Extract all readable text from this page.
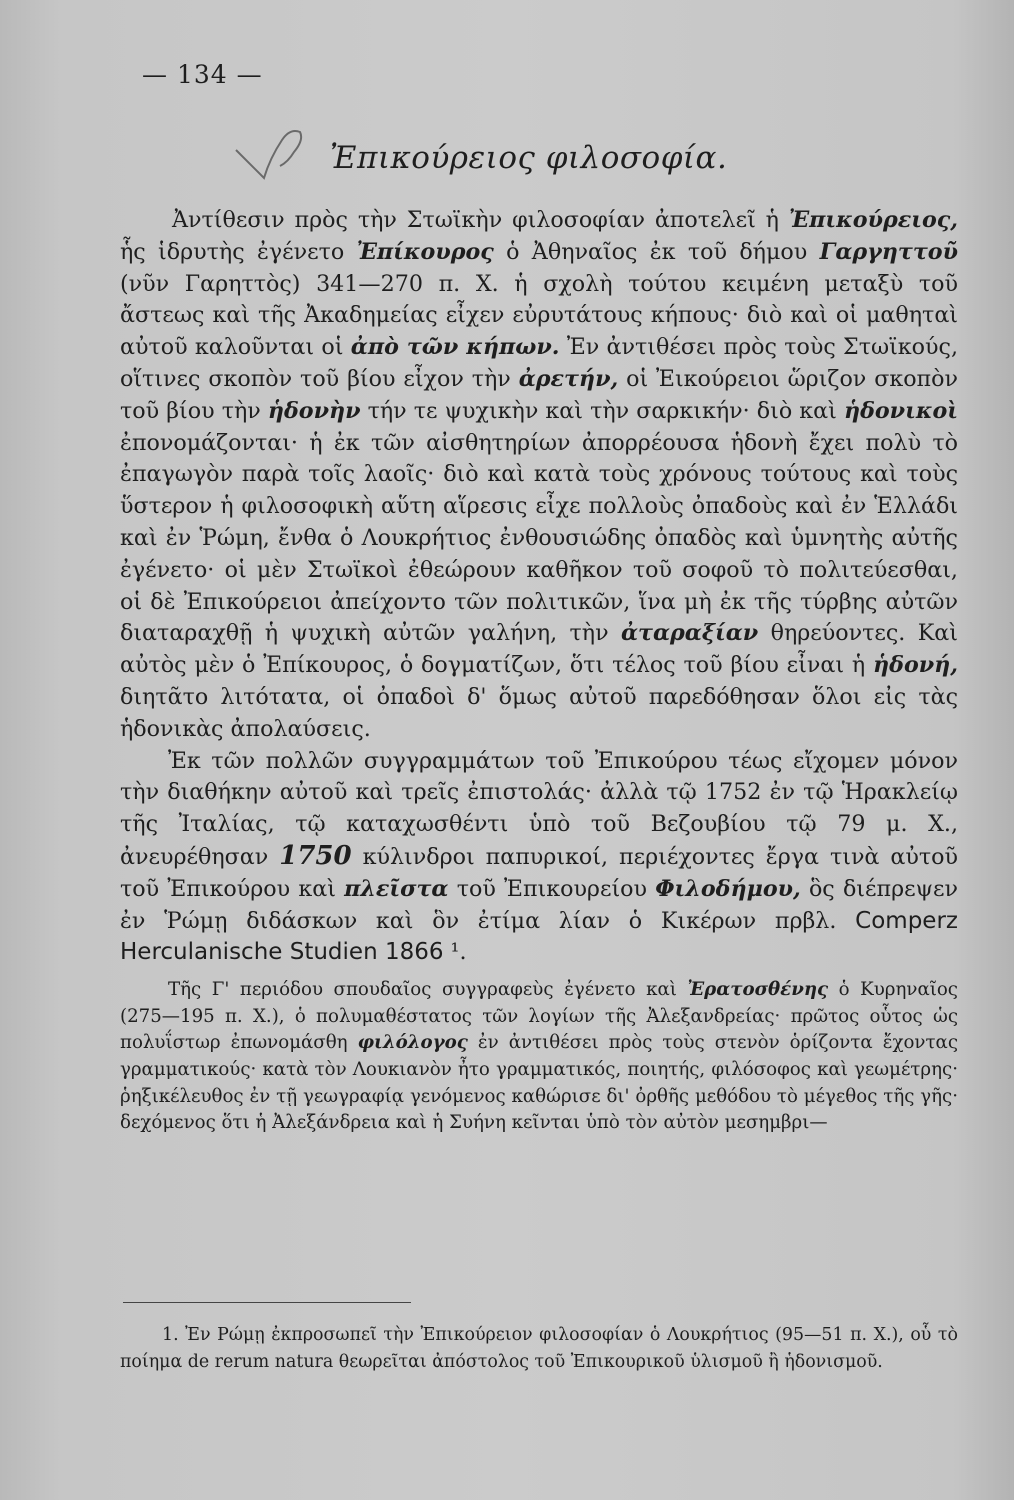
— 134 —
Ἐπικούρειος φιλοσοφία.

Ἀντίθεσιν πρὸς τὴν Στωϊκὴν φιλοσοφίαν ἀποτελεῖ ἡ Ἐπικούρειος, ἧς ἱδρυτὴς ἐγένετο Ἐπίκουρος ὁ Ἀθηναῖος ἐκ τοῦ δήμου Γαργηττοῦ (νῦν Γαρηττὸς) 341—270 π. Χ. ἡ σχολὴ τούτου κειμένη μεταξὺ τοῦ ἄστεως καὶ τῆς Ἀκαδημείας εἶχεν εὐρυτάτους κήπους· διὸ καὶ οἱ μαθηταὶ αὐτοῦ καλοῦνται οἱ ἀπὸ τῶν κήπων. Ἐν ἀντιθέσει πρὸς τοὺς Στωϊκούς, οἵτινες σκοπὸν τοῦ βίου εἶχον τὴν ἀρετήν, οἱ Ἐικούρειοι ὥριζον σκοπὸν τοῦ βίου τὴν ἡδονὴν τήν τε ψυχικὴν καὶ τὴν σαρκικήν· διὸ καὶ ἡδονικοὶ ἐπονομάζονται· ἡ ἐκ τῶν αἰσθητηρίων ἀπορρέουσα ἡδονὴ ἔχει πολὺ τὸ ἐπαγωγὸν παρὰ τοῖς λαοῖς· διὸ καὶ κατὰ τοὺς χρόνους τούτους καὶ τοὺς ὕστερον ἡ φιλοσοφικὴ αὕτη αἵρεσις εἶχε πολλοὺς ὀπαδοὺς καὶ ἐν Ἑλλάδι καὶ ἐν Ῥώμη, ἔνθα ὁ Λουκρήτιος ἐνθουσιώδης ὀπαδὸς καὶ ὑμνητὴς αὐτῆς ἐγένετο· οἱ μὲν Στωϊκοὶ ἐθεώρουν καθῆκον τοῦ σοφοῦ τὸ πολιτεύεσθαι, οἱ δὲ Ἐπικούρειοι ἀπείχοντο τῶν πολιτικῶν, ἵνα μὴ ἐκ τῆς τύρβης αὐτῶν διαταραχθῇ ἡ ψυχικὴ αὐτῶν γαλήνη, τὴν ἀταραξίαν θηρεύοντες. Καὶ αὐτὸς μὲν ὁ Ἐπίκουρος, ὁ δογματίζων, ὅτι τέλος τοῦ βίου εἶναι ἡ ἡδονή, διητᾶτο λιτότατα, οἱ ὀπαδοὶ δ' ὅμως αὐτοῦ παρεδόθησαν ὅλοι εἰς τὰς ἡδονικὰς ἀπολαύσεις.

Ἐκ τῶν πολλῶν συγγραμμάτων τοῦ Ἐπικούρου τέως εἴχομεν μόνον τὴν διαθήκην αὐτοῦ καὶ τρεῖς ἐπιστολάς· ἀλλὰ τῷ 1752 ἐν τῷ Ἡρακλείῳ τῆς Ἰταλίας, τῷ καταχωσθέντι ὑπὸ τοῦ Βεζουβίου τῷ 79 μ. Χ., ἀνευρέθησαν 1750 κύλινδροι παπυρικοί, περιέχοντες ἔργα τινὰ αὐτοῦ τοῦ Ἐπικούρου καὶ πλεῖστα τοῦ Ἐπικουρείου Φιλοδήμου, ὃς διέπρεψεν ἐν Ῥώμῃ διδάσκων καὶ ὃν ἐτίμα λίαν ὁ Κικέρων πρβλ. Comperz Herculanische Studien 1866 ¹.

Τῆς Γ' περιόδου σπουδαῖος συγγραφεὺς ἐγένετο καὶ Ἐρατοσθένης ὁ Κυρηναῖος (275—195 π. Χ.), ὁ πολυμαθέστατος τῶν λογίων τῆς Ἀλεξανδρείας· πρῶτος οὗτος ὡς πολυΐστωρ ἐπωνομάσθη φιλόλογος ἐν ἀντιθέσει πρὸς τοὺς στενὸν ὁρίζοντα ἔχοντας γραμματικούς· κατὰ τὸν Λουκιανὸν ἦτο γραμματικός, ποιητής, φιλόσοφος καὶ γεωμέτρης· ῥηξικέλευθος ἐν τῇ γεωγραφίᾳ γενόμενος καθώρισε δι' ὀρθῆς μεθόδου τὸ μέγεθος τῆς γῆς· δεχόμενος ὅτι ἡ Ἀλεξάνδρεια καὶ ἡ Συήνη κεῖνται ὑπὸ τὸν αὐτὸν μεσημβρι—

1. Ἐν Ρώμῃ ἐκπροσωπεῖ τὴν Ἐπικούρειον φιλοσοφίαν ὁ Λουκρήτιος (95—51 π. Χ.), οὗ τὸ ποίημα de rerum natura θεωρεῖται ἀπόστολος τοῦ Ἐπικουρικοῦ ὑλισμοῦ ἢ ἡδονισμοῦ.
